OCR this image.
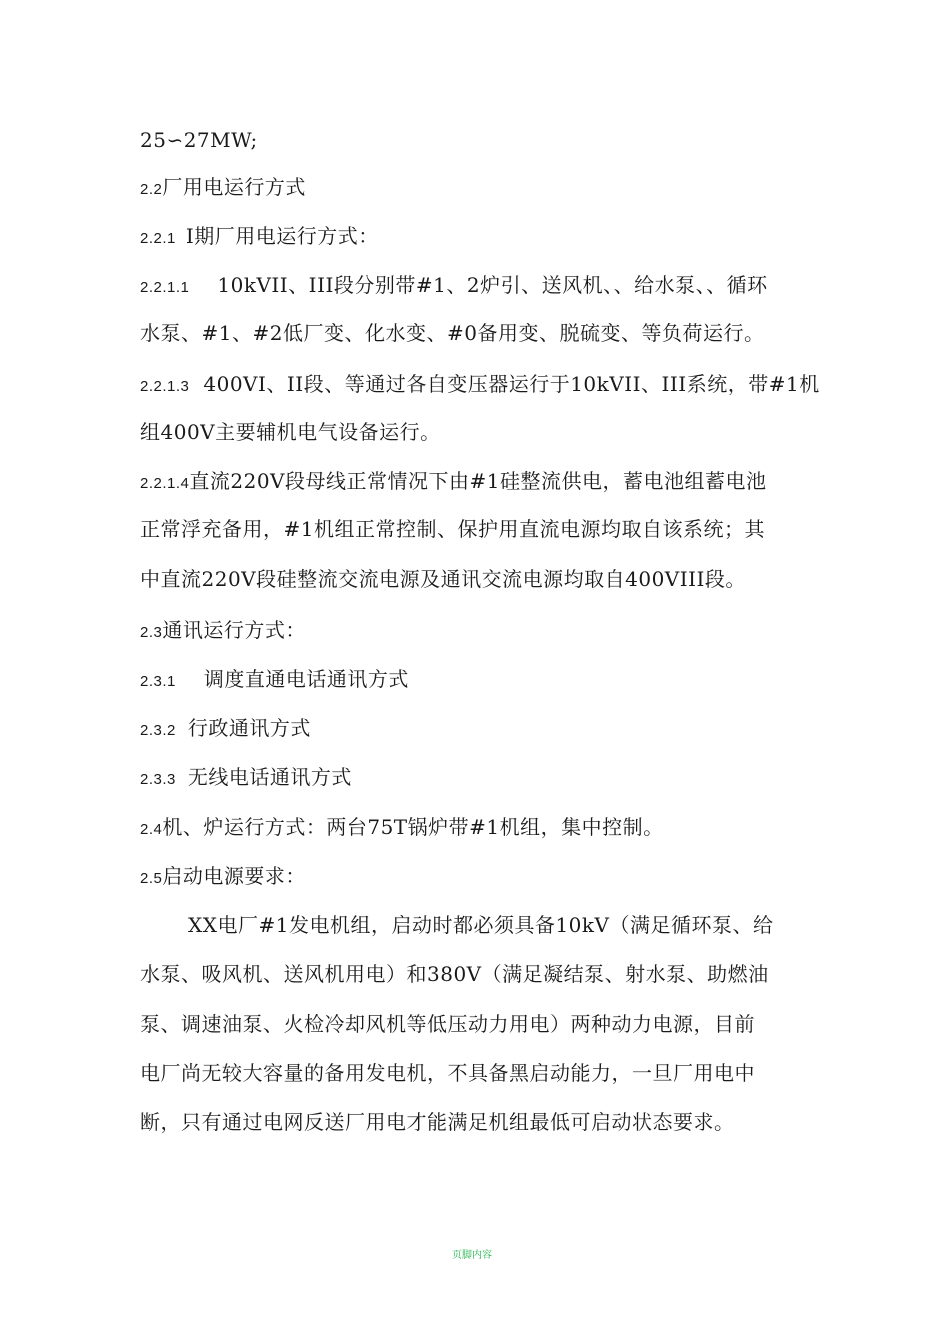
25∽27MW;
2.2厂用电运行方式
2.2.1 I期厂用电运行方式：
2.2.1.1 10kVII、III段分别带#1、2炉引、送风机、、给水泵、、循环
水泵、#1、#2低厂变、化水变、#0备用变、脱硫变、等负荷运行。
2.2.1.3 400VI、II段、等通过各自变压器运行于10kVII、III系统，带#1机
组400V主要辅机电气设备运行。
2.2.1.4直流220V段母线正常情况下由#1硅整流供电，蓄电池组蓄电池
正常浮充备用，#1机组正常控制、保护用直流电源均取自该系统；其
中直流220V段硅整流交流电源及通讯交流电源均取自400VIII段。
2.3通讯运行方式：
2.3.1 调度直通电话通讯方式
2.3.2 行政通讯方式
2.3.3 无线电话通讯方式
2.4机、炉运行方式：两台75T锅炉带#1机组，集中控制。
2.5启动电源要求：
XX电厂#1发电机组，启动时都必须具备10kV（满足循环泵、给
水泵、吸风机、送风机用电）和380V（满足凝结泵、射水泵、助燃油
泵、调速油泵、火检冷却风机等低压动力用电）两种动力电源，目前
电厂尚无较大容量的备用发电机，不具备黑启动能力，一旦厂用电中
断，只有通过电网反送厂用电才能满足机组最低可启动状态要求。
页脚内容
